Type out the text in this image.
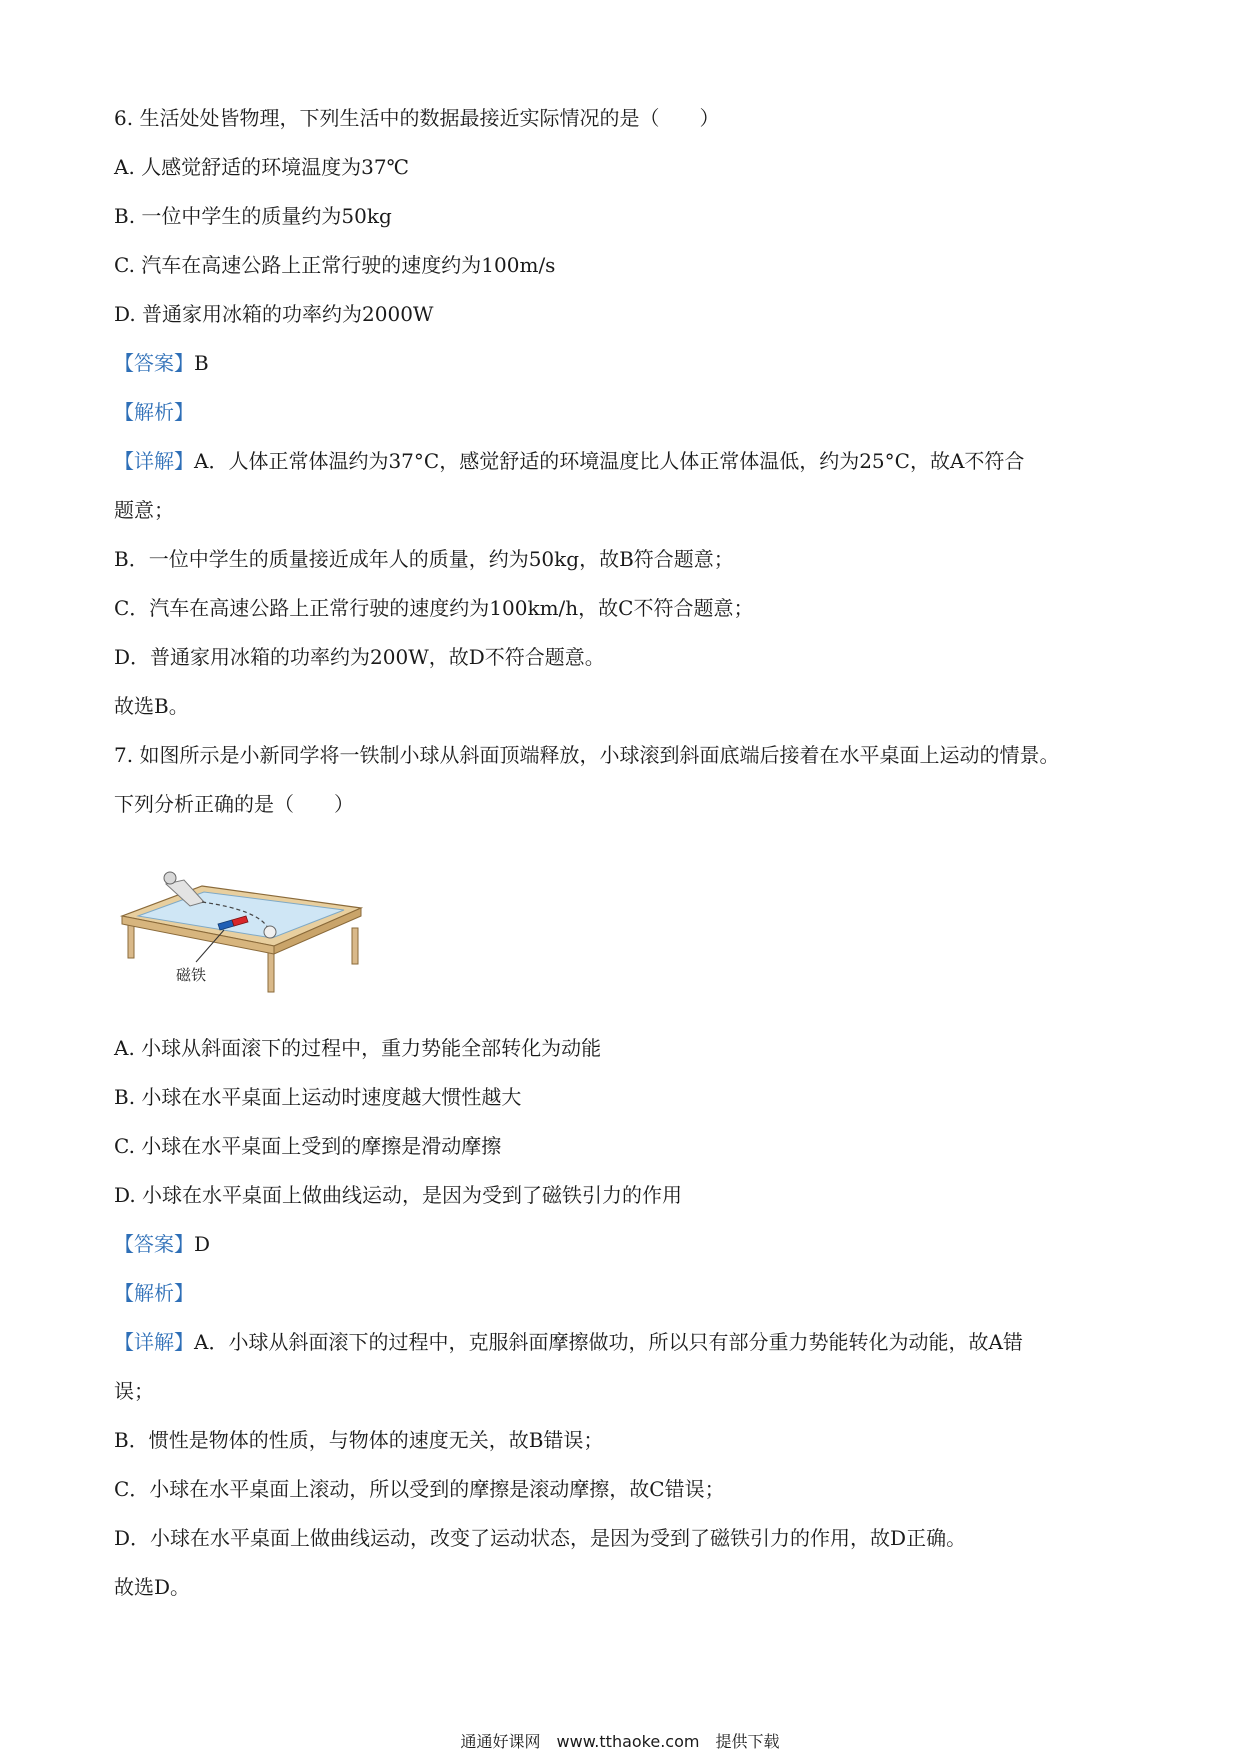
6. 生活处处皆物理，下列生活中的数据最接近实际情况的是（　　）
A. 人感觉舒适的环境温度为37℃
B. 一位中学生的质量约为50kg
C. 汽车在高速公路上正常行驶的速度约为100m/s
D. 普通家用冰箱的功率约为2000W
【答案】B
【解析】
【详解】A．人体正常体温约为37°C，感觉舒适的环境温度比人体正常体温低，约为25°C，故A不符合
题意；
B．一位中学生的质量接近成年人的质量，约为50kg，故B符合题意；
C．汽车在高速公路上正常行驶的速度约为100km/h，故C不符合题意；
D．普通家用冰箱的功率约为200W，故D不符合题意。
故选B。
7. 如图所示是小新同学将一铁制小球从斜面顶端释放，小球滚到斜面底端后接着在水平桌面上运动的情景。
下列分析正确的是（　　）
磁铁
A. 小球从斜面滚下的过程中，重力势能全部转化为动能
B. 小球在水平桌面上运动时速度越大惯性越大
C. 小球在水平桌面上受到的摩擦是滑动摩擦
D. 小球在水平桌面上做曲线运动，是因为受到了磁铁引力的作用
【答案】D
【解析】
【详解】A．小球从斜面滚下的过程中，克服斜面摩擦做功，所以只有部分重力势能转化为动能，故A错
误；
B．惯性是物体的性质，与物体的速度无关，故B错误；
C．小球在水平桌面上滚动，所以受到的摩擦是滚动摩擦，故C错误；
D．小球在水平桌面上做曲线运动，改变了运动状态，是因为受到了磁铁引力的作用，故D正确。
故选D。
通通好课网　www.tthaoke.com　提供下载
